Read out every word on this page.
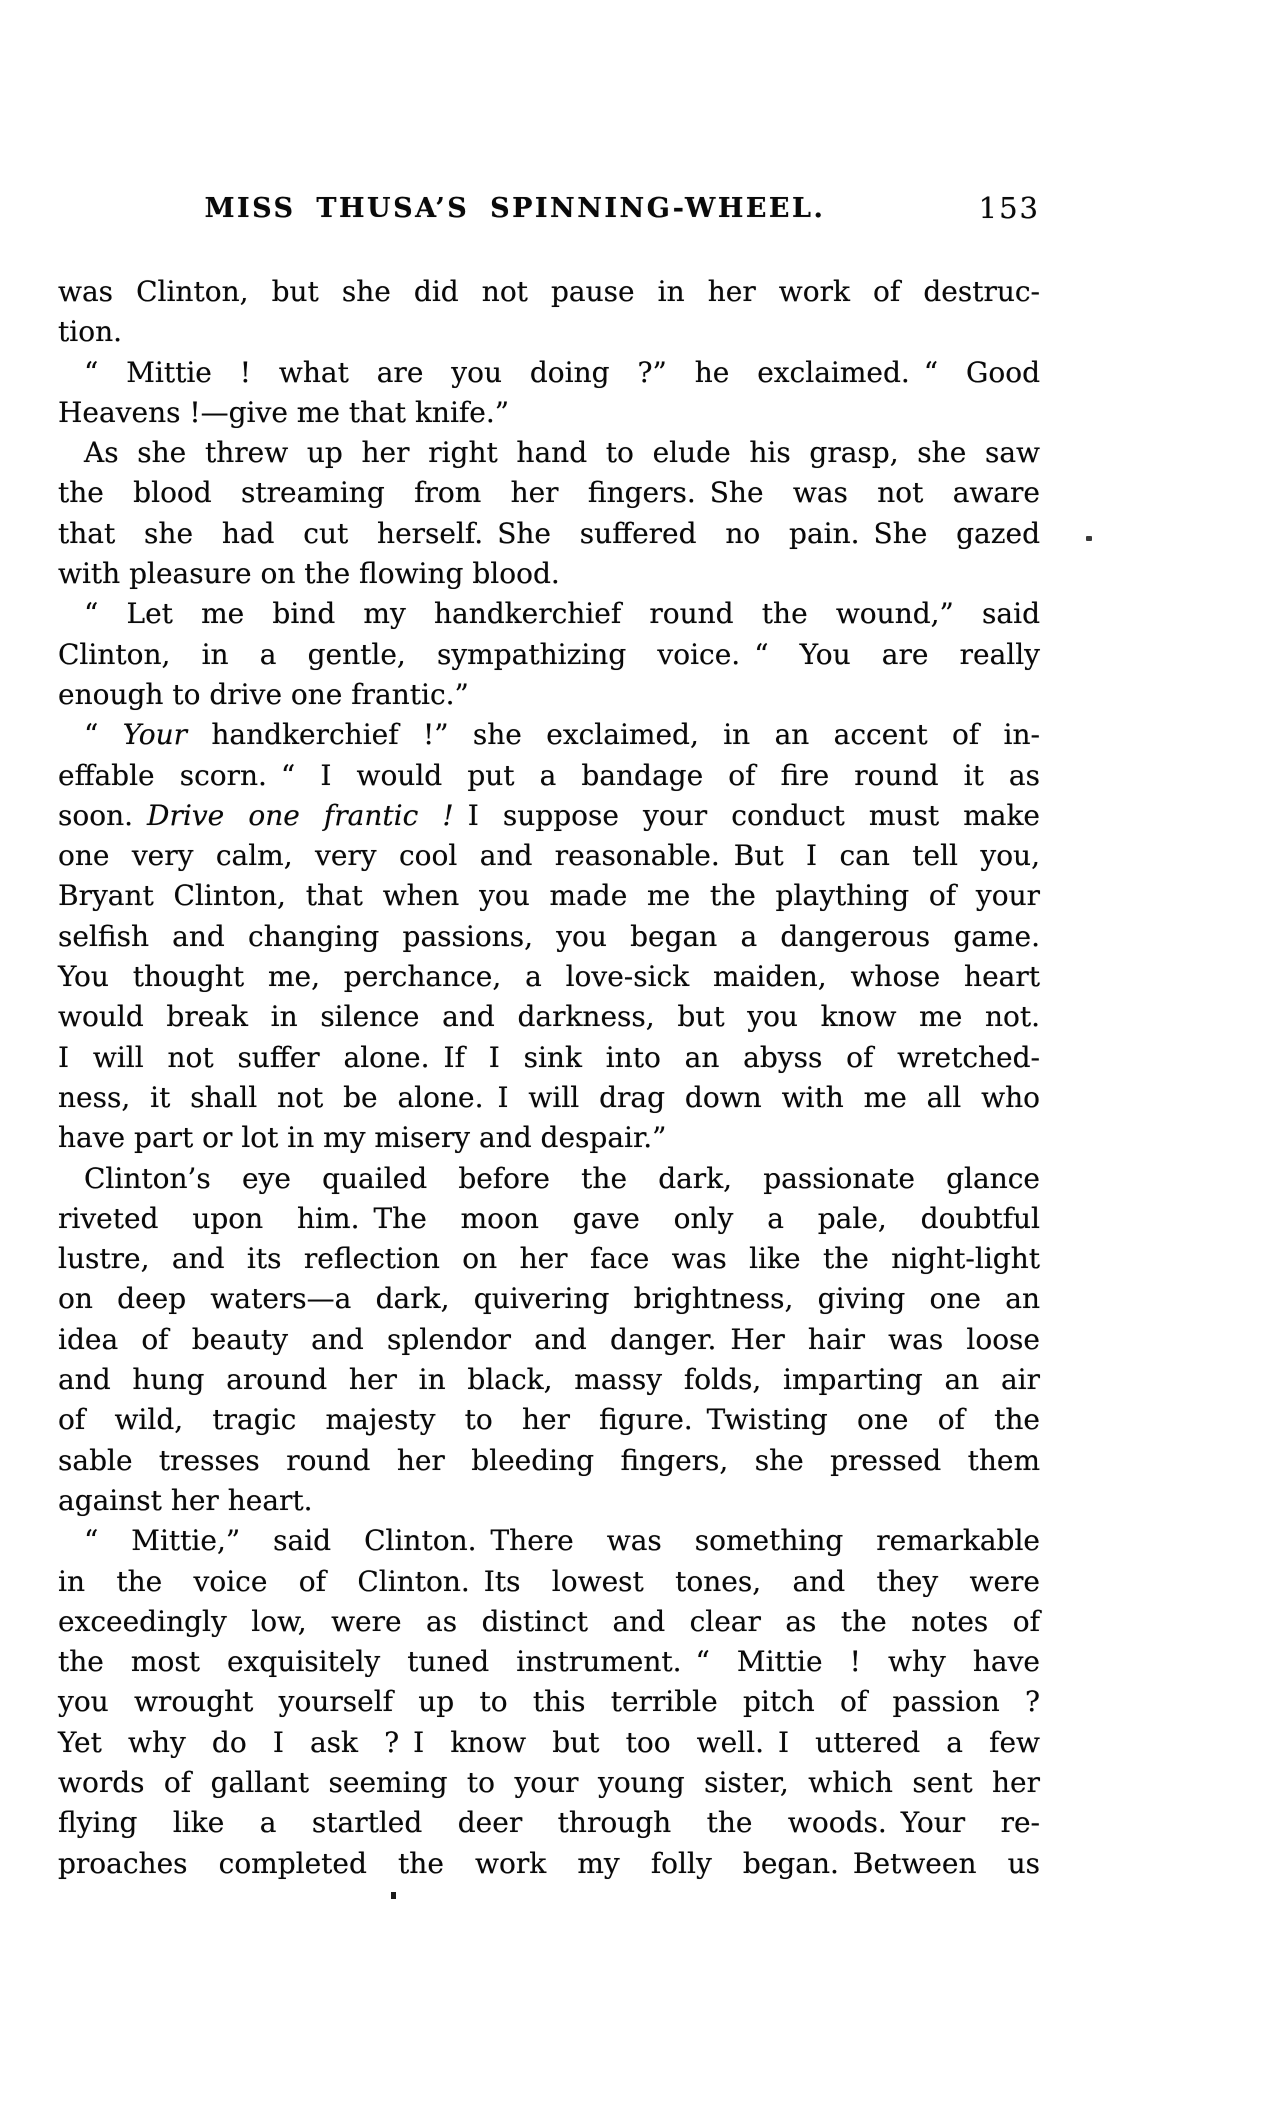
MISS THUSA’S SPINNING-WHEEL.	153
was Clinton, but she did not pause in her work of destruc-
tion.
“ Mittie ! what are you doing ?” he exclaimed. “ Good
Heavens !—give me that knife.”
As she threw up her right hand to elude his grasp, she saw
the blood streaming from her fingers. She was not aware
that she had cut herself. She suffered no pain. She gazed
with pleasure on the flowing blood.
“ Let me bind my handkerchief round the wound,” said
Clinton, in a gentle, sympathizing voice. “ You are really
enough to drive one frantic.”
“ Your handkerchief !” she exclaimed, in an accent of in-
effable scorn. “ I would put a bandage of fire round it as
soon. Drive one frantic ! I suppose your conduct must make
one very calm, very cool and reasonable. But I can tell you,
Bryant Clinton, that when you made me the plaything of your
selfish and changing passions, you began a dangerous game.
You thought me, perchance, a love-sick maiden, whose heart
would break in silence and darkness, but you know me not.
I will not suffer alone. If I sink into an abyss of wretched-
ness, it shall not be alone. I will drag down with me all who
have part or lot in my misery and despair.”
Clinton’s eye quailed before the dark, passionate glance
riveted upon him. The moon gave only a pale, doubtful
lustre, and its reflection on her face was like the night-light
on deep waters—a dark, quivering brightness, giving one an
idea of beauty and splendor and danger. Her hair was loose
and hung around her in black, massy folds, imparting an air
of wild, tragic majesty to her figure. Twisting one of the
sable tresses round her bleeding fingers, she pressed them
against her heart.
“ Mittie,” said Clinton. There was something remarkable
in the voice of Clinton. Its lowest tones, and they were
exceedingly low, were as distinct and clear as the notes of
the most exquisitely tuned instrument. “ Mittie ! why have
you wrought yourself up to this terrible pitch of passion ?
Yet why do I ask ? I know but too well. I uttered a few
words of gallant seeming to your young sister, which sent her
flying like a startled deer through the woods. Your re-
proaches completed the work my folly began. Between us
